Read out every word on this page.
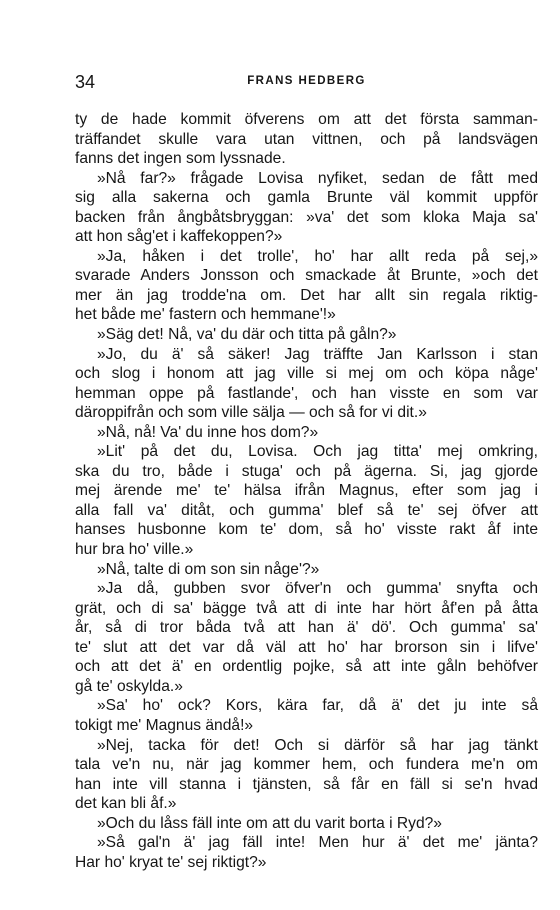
34	FRANS HEDBERG
ty de hade kommit öfverens om att det första samman-
träffandet skulle vara utan vittnen, och på landsvägen
fanns det ingen som lyssnade.
»Nå far?» frågade Lovisa nyfiket, sedan de fått med
sig alla sakerna och gamla Brunte väl kommit uppför
backen från ångbåtsbryggan: »va' det som kloka Maja sa'
att hon såg'et i kaffekoppen?»
»Ja, håken i det trolle', ho' har allt reda på sej,»
svarade Anders Jonsson och smackade åt Brunte, »och det
mer än jag trodde'na om. Det har allt sin regala riktig-
het både me' fastern och hemmane'!»
»Säg det! Nå, va' du där och titta på gåln?»
»Jo, du ä' så säker! Jag träffte Jan Karlsson i stan
och slog i honom att jag ville si mej om och köpa någe'
hemman oppe på fastlande', och han visste en som var
däroppifrån och som ville sälja — och så for vi dit.»
»Nå, nå! Va' du inne hos dom?»
»Lit' på det du, Lovisa. Och jag titta' mej omkring,
ska du tro, både i stuga' och på ägerna. Si, jag gjorde
mej ärende me' te' hälsa ifrån Magnus, efter som jag i
alla fall va' ditåt, och gumma' blef så te' sej öfver att
hanses husbonne kom te' dom, så ho' visste rakt åf inte
hur bra ho' ville.»
»Nå, talte di om son sin någe'?»
»Ja då, gubben svor öfver'n och gumma' snyfta och
grät, och di sa' bägge två att di inte har hört åf'en på åtta
år, så di tror båda två att han ä' dö'. Och gumma' sa'
te' slut att det var då väl att ho' har brorson sin i lifve'
och att det ä' en ordentlig pojke, så att inte gåln behöfver
gå te' oskylda.»
»Sa' ho' ock? Kors, kära far, då ä' det ju inte så
tokigt me' Magnus ändå!»
»Nej, tacka för det! Och si därför så har jag tänkt
tala ve'n nu, när jag kommer hem, och fundera me'n om
han inte vill stanna i tjänsten, så får en fäll si se'n hvad
det kan bli åf.»
»Och du låss fäll inte om att du varit borta i Ryd?»
»Så gal'n ä' jag fäll inte! Men hur ä' det me' jänta?
Har ho' kryat te' sej riktigt?»
